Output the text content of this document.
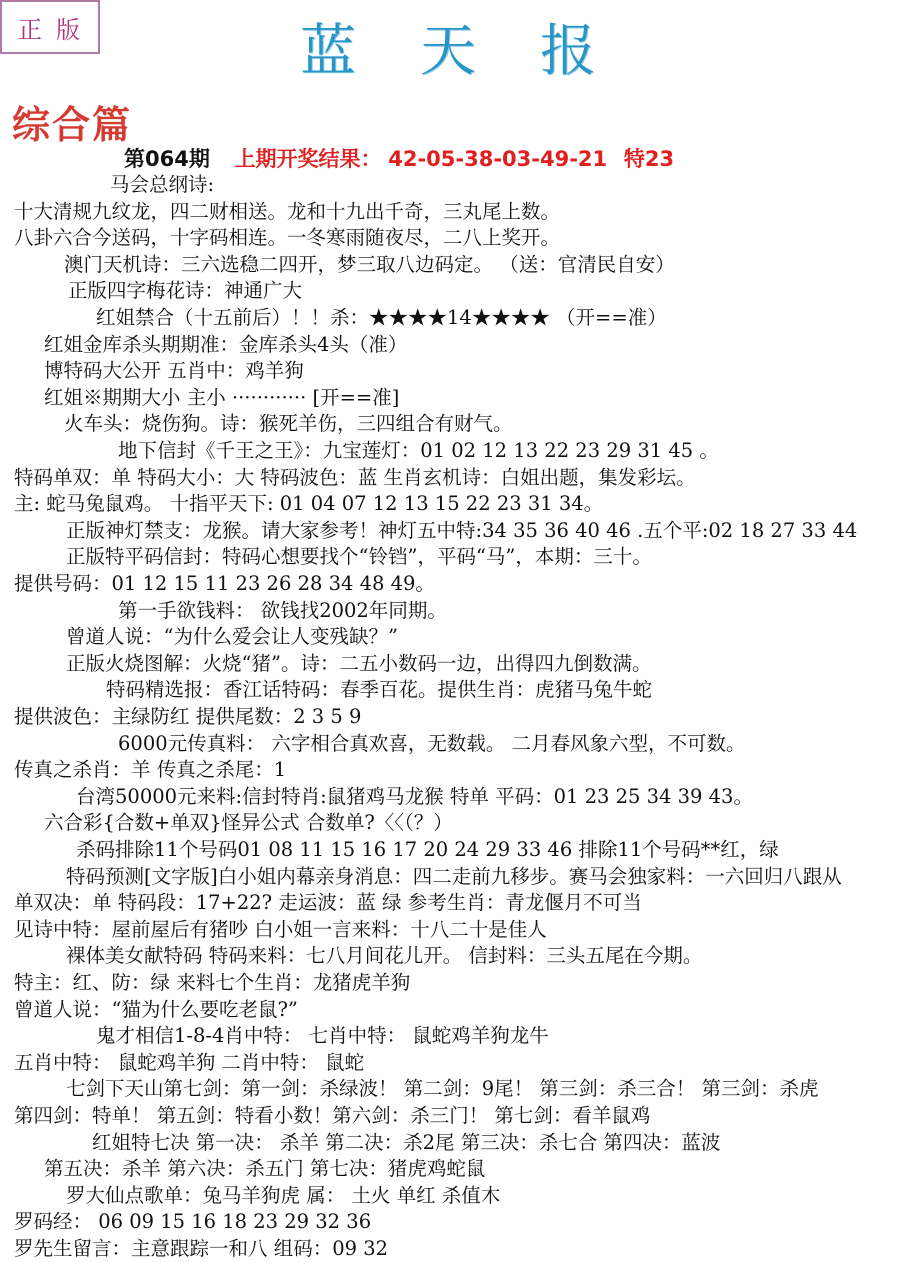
正版	蓝天报
综合篇
第064期 上期开奖结果： 42-05-38-03-49-21 特23
马会总纲诗:
十大清规九纹龙，四二财相送。龙和十九出千奇，三丸尾上数。
八卦六合今送码，十字码相连。一冬寒雨随夜尽，二八上奖开。
澳门天机诗：三六选稳二四开，梦三取八边码定。 （送：官清民自安）
正版四字梅花诗：神通广大
红姐禁合（十五前后）！！杀：★★★★14★★★★ （开==准）
红姐金库杀头期期准：金库杀头4头（准）
博特码大公开 五肖中：鸡羊狗
红姐※期期大小 主小 ············ [开==准]
火车头：烧伤狗。诗：猴死羊伤，三四组合有财气。
地下信封《千王之王》：九宝莲灯：01 02 12 13 22 23 29 31 45 。
特码单双：单 特码大小：大 特码波色：蓝 生肖玄机诗：白姐出题，集发彩坛。
主: 蛇马兔鼠鸡。 十指平天下: 01 04 07 12 13 15 22 23 31 34。
正版神灯禁支：龙猴。请大家参考！神灯五中特:34 35 36 40 46 .五个平:02 18 27 33 44
正版特平码信封：特码心想要找个“铃铛”，平码“马”，本期：三十。
提供号码：01 12 15 11 23 26 28 34 48 49。
第一手欲钱料： 欲钱找2002年同期。
曾道人说：“为什么爱会让人变残缺？”
正版火烧图解：火烧“猪”。诗：二五小数码一边，出得四九倒数满。
特码精选报：香江话特码：春季百花。提供生肖：虎猪马兔牛蛇
提供波色：主绿防红 提供尾数：2 3 5 9
6000元传真料： 六字相合真欢喜，无数载。 二月春风象六型，不可数。
传真之杀肖：羊 传真之杀尾：1
台湾50000元来料:信封特肖:鼠猪鸡马龙猴 特单 平码：01 23 25 34 39 43。
六合彩{合数+单双}怪异公式 合数单?〈〈（？）
杀码排除11个号码01 08 11 15 16 17 20 24 29 33 46 排除11个号码**红，绿
特码预测[文字版]白小姐内幕亲身消息：四二走前九移步。赛马会独家料：一六回归八跟从
单双决：单 特码段：17+22? 走运波：蓝 绿 参考生肖：青龙偃月不可当
见诗中特：屋前屋后有猪吵 白小姐一言来料：十八二十是佳人
裸体美女献特码 特码来料：七八月间花儿开。 信封料：三头五尾在今期。
特主：红、防：绿 来料七个生肖：龙猪虎羊狗
曾道人说：“猫为什么要吃老鼠?”
鬼才相信1-8-4肖中特： 七肖中特： 鼠蛇鸡羊狗龙牛
五肖中特： 鼠蛇鸡羊狗 二肖中特： 鼠蛇
七剑下天山第七剑：第一剑：杀绿波！ 第二剑：9尾！ 第三剑：杀三合！ 第三剑：杀虎
第四剑：特单！ 第五剑：特看小数！第六剑：杀三门！ 第七剑：看羊鼠鸡
红姐特七决 第一决： 杀羊 第二决：杀2尾 第三决：杀七合 第四决：蓝波
第五决：杀羊 第六决：杀五门 第七决：猪虎鸡蛇鼠
罗大仙点歌单：兔马羊狗虎 属： 土火 单红 杀值木
罗码经： 06 09 15 16 18 23 29 32 36
罗先生留言：主意跟踪一和八 组码：09 32
